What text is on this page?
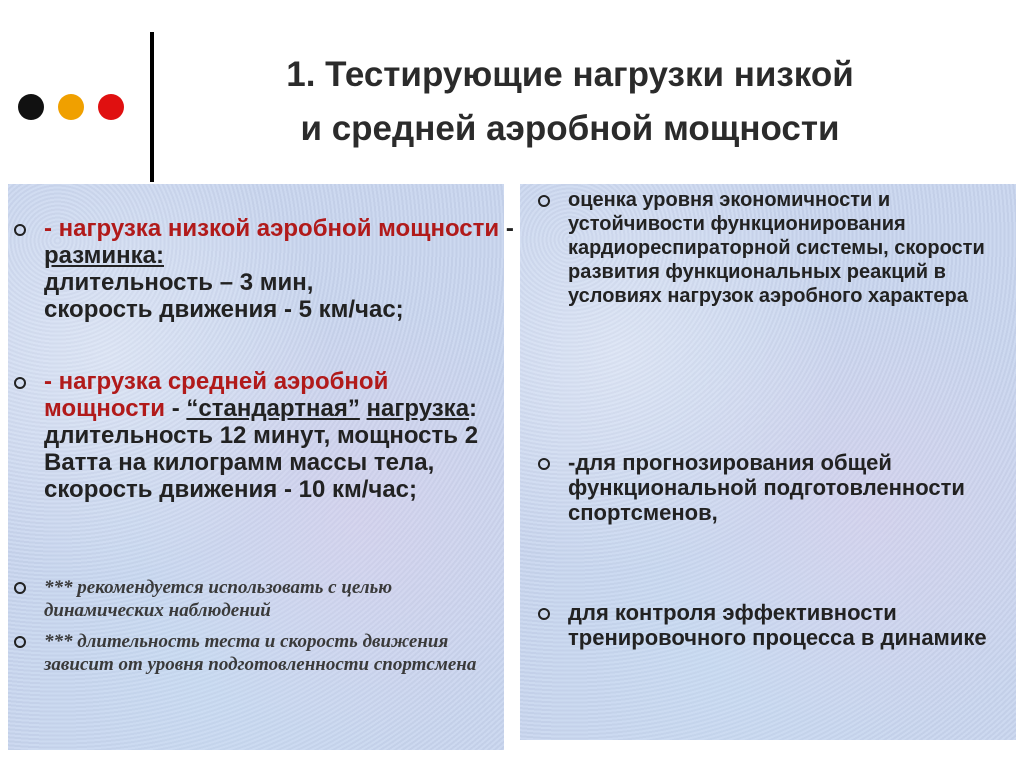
1. Тестирующие нагрузки низкой
и средней аэробной мощности
- нагрузка низкой аэробной мощности - разминка:
длительность – 3 мин,
скорость движения - 5 км/час;
- нагрузка средней аэробной мощности - “стандартная” нагрузка: длительность 12 минут, мощность 2 Ватта на килограмм массы тела, скорость движения - 10 км/час;
*** рекомендуется использовать с целью динамических наблюдений
*** длительность теста и скорость движения зависит от уровня подготовленности спортсмена
оценка уровня экономичности и устойчивости функционирования кардиореспираторной системы, скорости развития функциональных реакций в условиях нагрузок аэробного характера
-для прогнозирования общей функциональной подготовленности спортсменов,
для контроля эффективности тренировочного процесса в динамике
